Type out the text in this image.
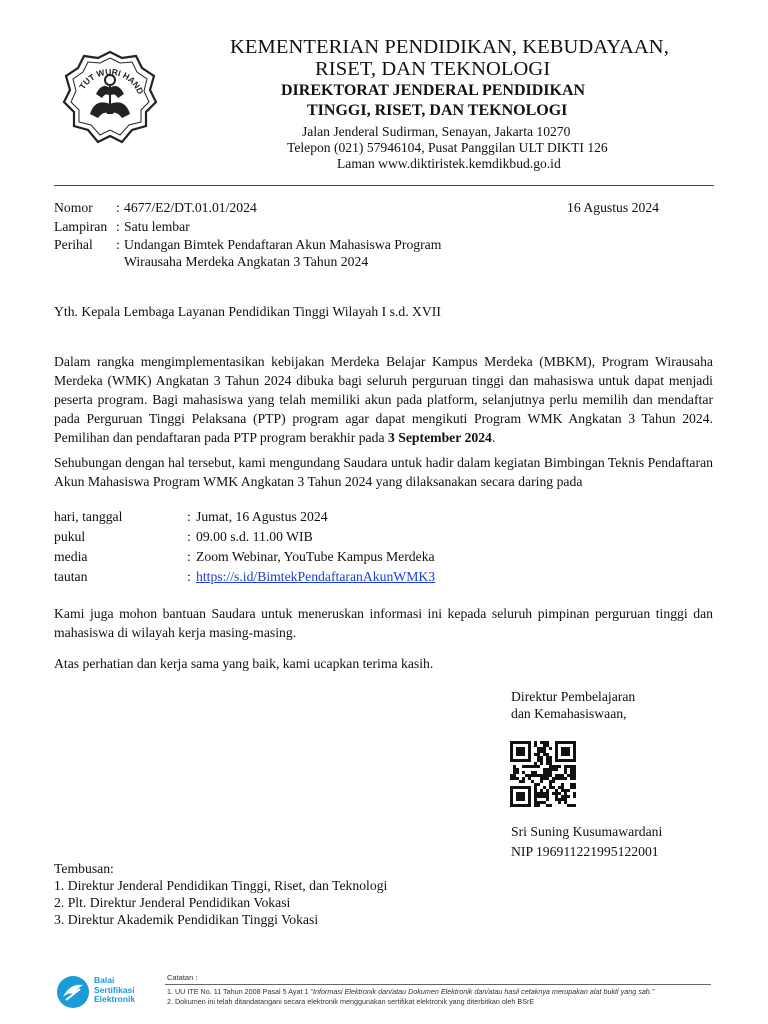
TUT WURI HAND
KEMENTERIAN PENDIDIKAN, KEBUDAYAAN,
RISET, DAN TEKNOLOGI
DIREKTORAT JENDERAL PENDIDIKAN
TINGGI, RISET, DAN TEKNOLOGI
Jalan Jenderal Sudirman, Senayan, Jakarta 10270
Telepon (021) 57946104, Pusat Panggilan ULT DIKTI 126
Laman www.diktiristek.kemdikbud.go.id
Nomor : 4677/E2/DT.01.01/2024	16 Agustus 2024
Lampiran : Satu lembar
Perihal : Undangan Bimtek Pendaftaran Akun Mahasiswa Program
Wirausaha Merdeka Angkatan 3 Tahun 2024
Yth. Kepala Lembaga Layanan Pendidikan Tinggi Wilayah I s.d. XVII
Dalam rangka mengimplementasikan kebijakan Merdeka Belajar Kampus Merdeka (MBKM), Program Wirausaha Merdeka (WMK) Angkatan 3 Tahun 2024 dibuka bagi seluruh perguruan tinggi dan mahasiswa untuk dapat menjadi peserta program. Bagi mahasiswa yang telah memiliki akun pada platform, selanjutnya perlu memilih dan mendaftar pada Perguruan Tinggi Pelaksana (PTP) program agar dapat mengikuti Program WMK Angkatan 3 Tahun 2024. Pemilihan dan pendaftaran pada PTP program berakhir pada 3 September 2024.
Sehubungan dengan hal tersebut, kami mengundang Saudara untuk hadir dalam kegiatan Bimbingan Teknis Pendaftaran Akun Mahasiswa Program WMK Angkatan 3 Tahun 2024 yang dilaksanakan secara daring pada
hari, tanggal	: Jumat, 16 Agustus 2024
pukul	: 09.00 s.d. 11.00 WIB
media	: Zoom Webinar, YouTube Kampus Merdeka
tautan	: https://s.id/BimtekPendaftaranAkunWMK3
Kami juga mohon bantuan Saudara untuk meneruskan informasi ini kepada seluruh pimpinan perguruan tinggi dan mahasiswa di wilayah kerja masing-masing.
Atas perhatian dan kerja sama yang baik, kami ucapkan terima kasih.
Direktur Pembelajaran
dan Kemahasiswaan,
Sri Suning Kusumawardani
NIP 196911221995122001
Tembusan:
1. Direktur Jenderal Pendidikan Tinggi, Riset, dan Teknologi
2. Plt. Direktur Jenderal Pendidikan Vokasi
3. Direktur Akademik Pendidikan Tinggi Vokasi
Balai
Sertifikasi
Elektronik
Catatan :
1. UU ITE No. 11 Tahun 2008 Pasal 5 Ayat 1 "Informasi Elektronik dan/atau Dokumen Elektronik dan/atau hasil cetaknya merupakan alat bukti yang sah."
2. Dokumen ini telah ditandatangani secara elektronik menggunakan sertifikat elektronik yang diterbitkan oleh BSrE
